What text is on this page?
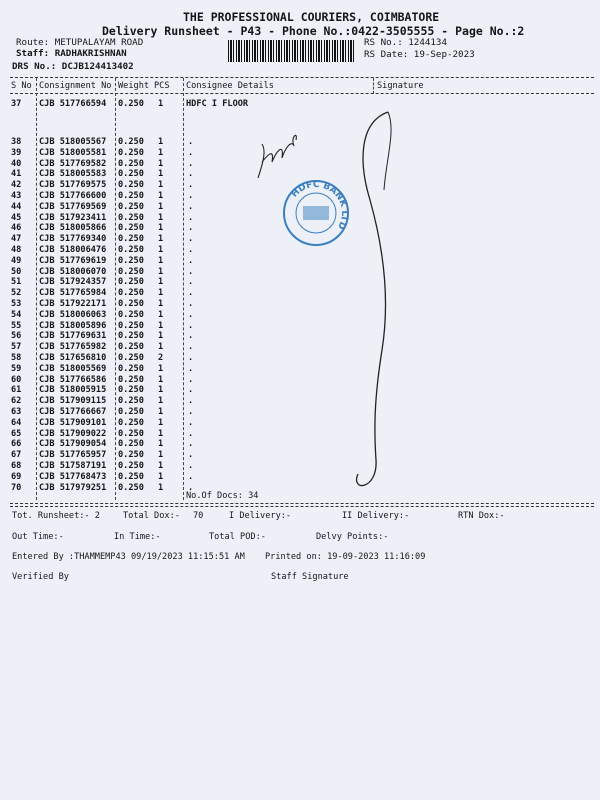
THE PROFESSIONAL COURIERS, COIMBATORE
Delivery Runsheet - P43 - Phone No.:0422-3505555 - Page No.:2
Route: METUPALAYAM ROAD
Staff: RADHAKRISHNAN
DRS No.: DCJB124413402
RS No.: 1244134
RS Date: 19-Sep-2023
S No Consignment No Weight PCS Consignee Details	Signature
37 CJB 517766594 0.250 1	HDFC I FLOOR
38 CJB 518005567 0.250 1	.
39 CJB 518005581 0.250 1	.
40 CJB 517769582 0.250 1	.
41 CJB 518005583 0.250 1	.
42 CJB 517769575 0.250 1	.
43 CJB 517766600 0.250 1	.
44 CJB 517769569 0.250 1	.
45 CJB 517923411 0.250 1	.
46 CJB 518005866 0.250 1	.
47 CJB 517769340 0.250 1	.
48 CJB 518006476 0.250 1	.
49 CJB 517769619 0.250 1	.
50 CJB 518006070 0.250 1	.
51 CJB 517924357 0.250 1	.
52 CJB 517765984 0.250 1	.
53 CJB 517922171 0.250 1	.
54 CJB 518006063 0.250 1	.
55 CJB 518005896 0.250 1	.
56 CJB 517769631 0.250 1	.
57 CJB 517765982 0.250 1	.
58 CJB 517656810 0.250 2	.
59 CJB 518005569 0.250 1	.
60 CJB 517766586 0.250 1	.
61 CJB 518005915 0.250 1	.
62 CJB 517909115 0.250 1	.
63 CJB 517766667 0.250 1	.
64 CJB 517909101 0.250 1	.
65 CJB 517909022 0.250 1	.
66 CJB 517909054 0.250 1	.
67 CJB 517765957 0.250 1	.
68 CJB 517587191 0.250 1	.
69 CJB 517768473 0.250 1	.
70 CJB 517979251 0.250 1	.
No.Of Docs: 34
HDFC BANK LTD
Tot. Runsheet:- 2	Total Dox:- 70	I Delivery:-	II Delivery:-	RTN Dox:-
Out Time:-	In Time:-	Total POD:-	Delvy Points:-
Entered By :THAMMEMP43 09/19/2023 11:15:51 AM Printed on: 19-09-2023 11:16:09
Verified By	Staff Signature
